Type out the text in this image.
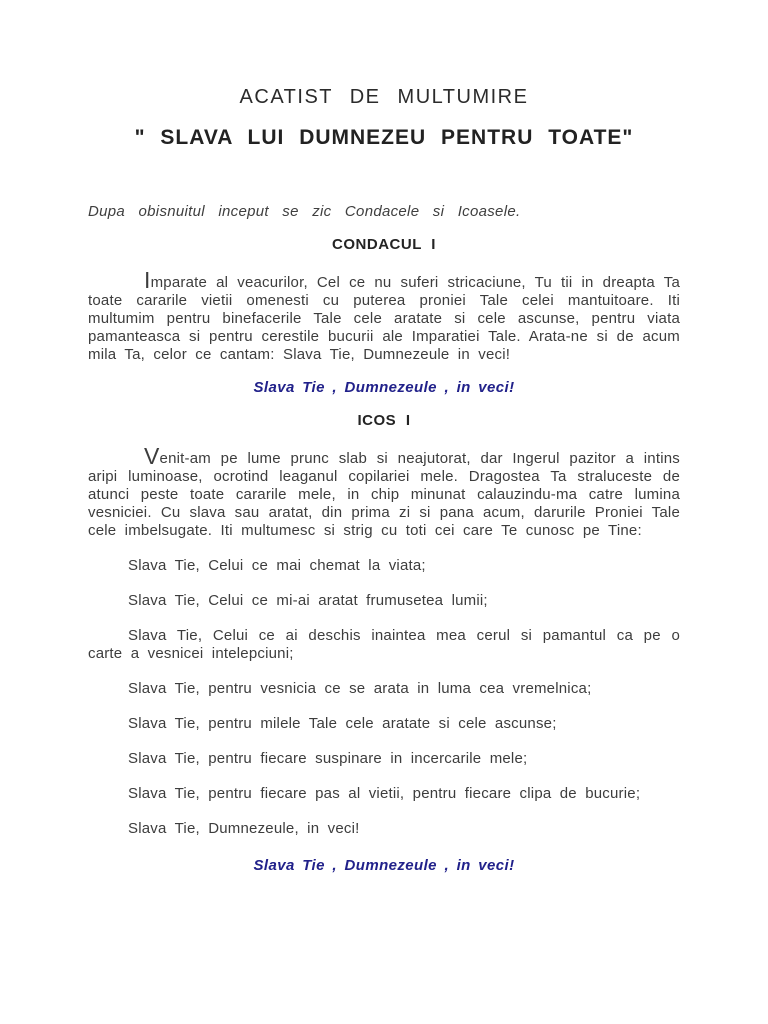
ACATIST DE MULTUMIRE
" SLAVA LUI DUMNEZEU PENTRU TOATE"

Dupa obisnuitul inceput se zic Condacele si Icoasele.

CONDACUL I

Imparate al veacurilor, Cel ce nu suferi stricaciune, Tu tii in dreapta Ta toate cararile vietii omenesti cu puterea proniei Tale celei mantuitoare. Iti multumim pentru binefacerile Tale cele aratate si cele ascunse, pentru viata pamanteasca si pentru cerestile bucurii ale Imparatiei Tale. Arata-ne si de acum mila Ta, celor ce cantam: Slava Tie, Dumnezeule in veci!

Slava Tie , Dumnezeule , in veci!

ICOS I

Venit-am pe lume prunc slab si neajutorat, dar Ingerul pazitor a intins aripi luminoase, ocrotind leaganul copilariei mele. Dragostea Ta straluceste de atunci peste toate cararile mele, in chip minunat calauzindu-ma catre lumina vesniciei. Cu slava sau aratat, din prima zi si pana acum, darurile Proniei Tale cele imbelsugate. Iti multumesc si strig cu toti cei care Te cunosc pe Tine:

Slava Tie, Celui ce mai chemat la viata;

Slava Tie, Celui ce mi-ai aratat frumusetea lumii;

Slava Tie, Celui ce ai deschis inaintea mea cerul si pamantul ca pe o carte a vesnicei intelepciuni;

Slava Tie, pentru vesnicia ce se arata in luma cea vremelnica;

Slava Tie, pentru milele Tale cele aratate si cele ascunse;

Slava Tie, pentru fiecare suspinare in incercarile mele;

Slava Tie, pentru fiecare pas al vietii, pentru fiecare clipa de bucurie;

Slava Tie, Dumnezeule, in veci!

Slava Tie , Dumnezeule , in veci!
